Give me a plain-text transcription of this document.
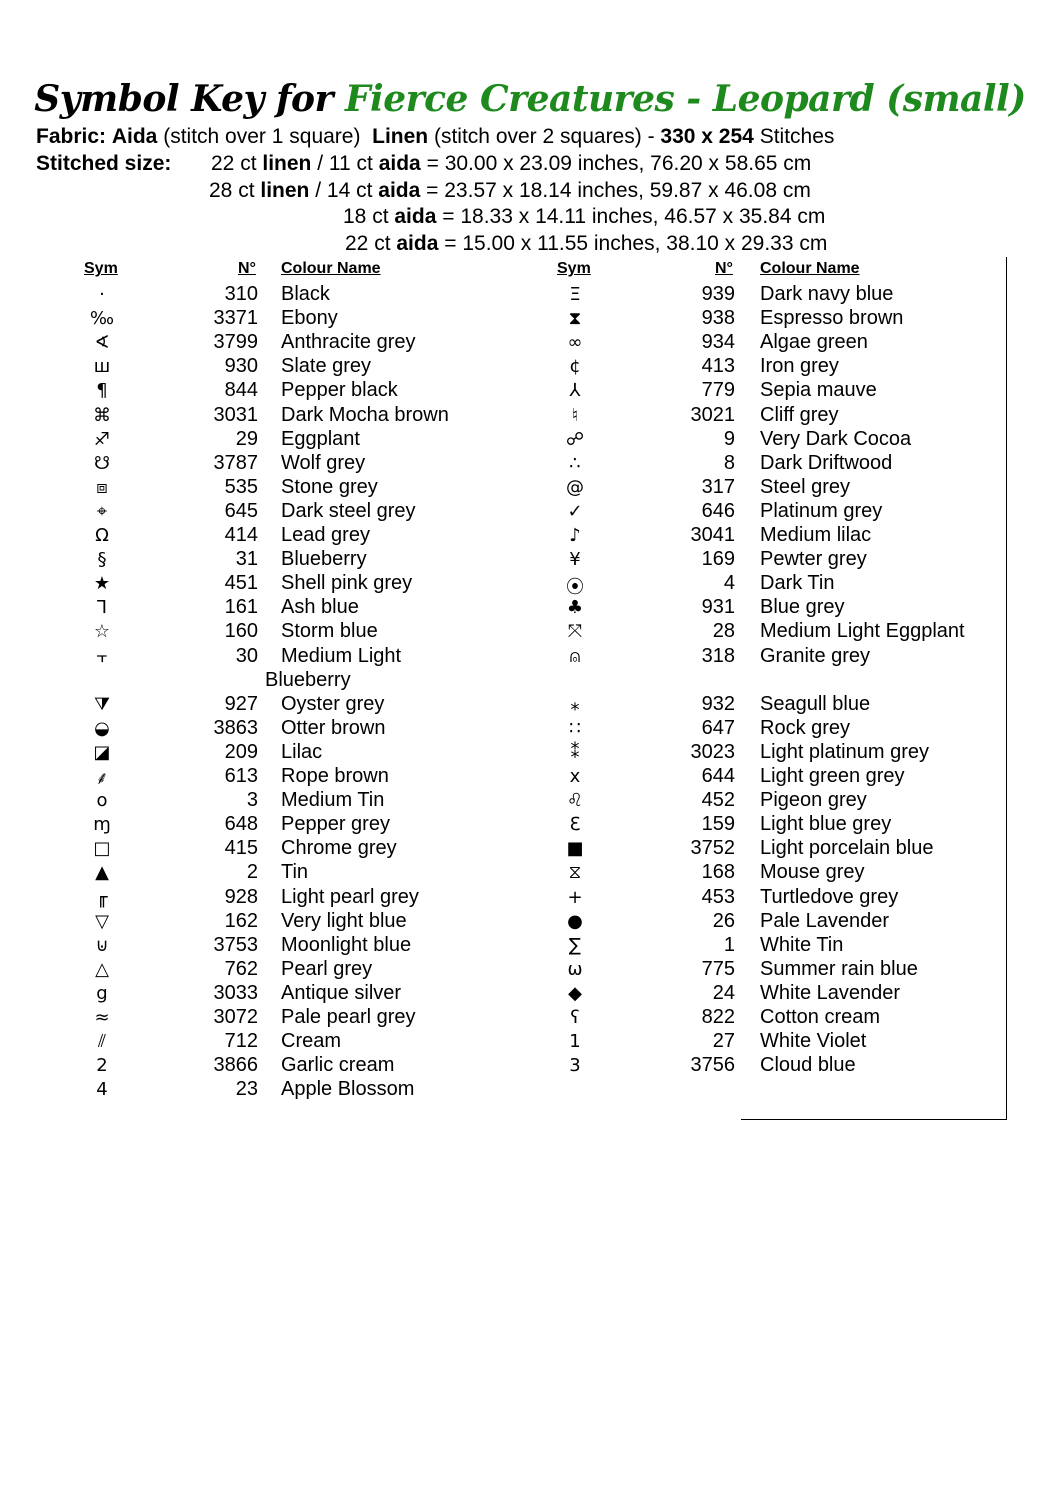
Symbol Key for Fierce Creatures - Leopard (small)
Fabric: Aida (stitch over 1 square) Linen (stitch over 2 squares) - 330 x 254 Stitches
Stitched size: 22 ct linen / 11 ct aida = 30.00 x 23.09 inches, 76.20 x 58.65 cm
28 ct linen / 14 ct aida = 23.57 x 18.14 inches, 59.87 x 46.08 cm
18 ct aida = 18.33 x 14.11 inches, 46.57 x 35.84 cm
22 ct aida = 15.00 x 11.55 inches, 38.10 x 29.33 cm
Sym	N° Colour Name	Sym	N° Colour Name
·	310 Black
‰	3371 Ebony
∢	3799 Anthracite grey
ш	930 Slate grey
¶	844 Pepper black
⌘	3031 Dark Mocha brown
♐	29 Eggplant
☋	3787 Wolf grey
⧈	535 Stone grey
⌖	645 Dark steel grey
Ω	414 Lead grey
§	31 Blueberry
★	451 Shell pink grey
⅂	161 Ash blue
☆	160 Storm blue
⫟	30 Medium Light
Blueberry
⧩	927 Oyster grey
◒	3863 Otter brown
◪	209 Lilac
⸙	613 Rope brown
o	3 Medium Tin
ɱ	648 Pepper grey
□	415 Chrome grey
▲	2 Tin
╓	928 Light pearl grey
▽	162 Very light blue
⊍	3753 Moonlight blue
△	762 Pearl grey
g	3033 Antique silver
≈	3072 Pale pearl grey
⫽	712 Cream
2	3866 Garlic cream
4	23 Apple Blossom
Ξ	939 Dark navy blue
⧗	938 Espresso brown
∞	934 Algae green
¢	413 Iron grey
⅄	779 Sepia mauve
♮	3021 Cliff grey
☍	9 Very Dark Cocoa
∴	8 Dark Driftwood
@	317 Steel grey
✓	646 Platinum grey
♪	3041 Medium lilac
¥	169 Pewter grey
⦿	4 Dark Tin
♣	931 Blue grey
⤧	28 Medium Light Eggplant
⍝	318 Granite grey
⁎	932 Seagull blue
∷	647 Rock grey
⁑	3023 Light platinum grey
x	644 Light green grey
♌	452 Pigeon grey
ℇ	159 Light blue grey
■	3752 Light porcelain blue
⧖	168 Mouse grey
+	453 Turtledove grey
●	26 Pale Lavender
∑	1 White Tin
ω	775 Summer rain blue
◆	24 White Lavender
ʕ	822 Cotton cream
1	27 White Violet
3	3756 Cloud blue
